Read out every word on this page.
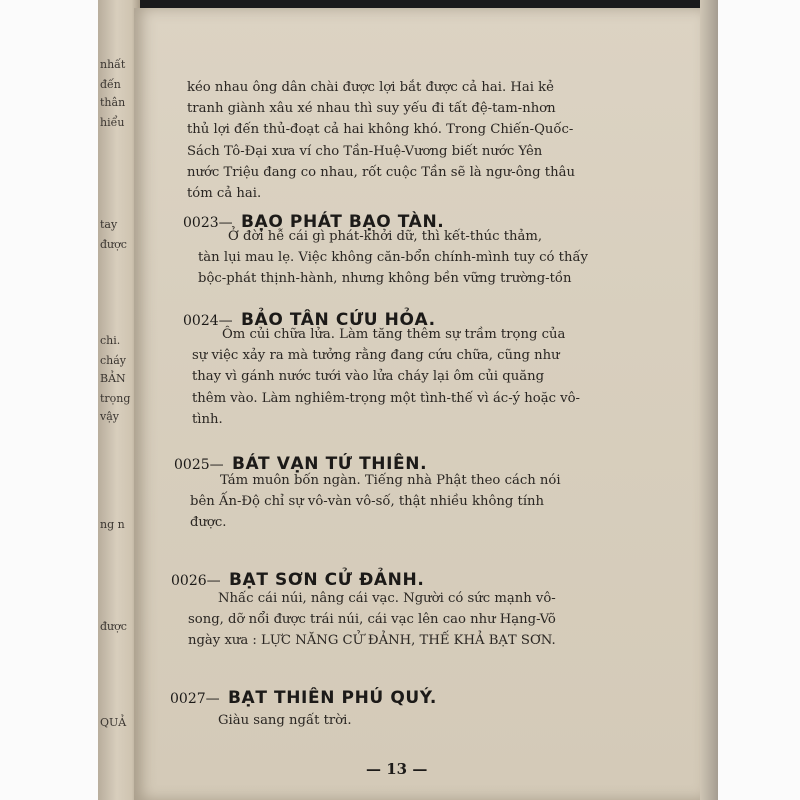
nhất
đến
thân
hiểu
tay
được
chi.
cháy
BẢN
trọng
vậy
ng n
được
QUẢ

kéo nhau ông dân chài được lợi bắt được cả hai. Hai kẻ
tranh giành xâu xé nhau thì suy yếu đi tất đệ-tam-nhơn
thủ lợi đến thủ-đoạt cả hai không khó. Trong Chiến-Quốc-
Sách Tô-Đại xưa ví cho Tần-Huệ-Vương biết nước Yên
nước Triệu đang co nhau, rốt cuộc Tần sẽ là ngư-ông thâu
tóm cả hai.

0023— BẠO PHÁT BẠO TÀN.

Ở đời hễ cái gì phát-khởi dữ, thì kết-thúc thảm,
tàn lụi mau lẹ. Việc không căn-bổn chính-mình tuy có thấy
bộc-phát thịnh-hành, nhưng không bền vững trường-tồn

0024— BẢO TÂN CỨU HỎA.

Ôm củi chữa lửa. Làm tăng thêm sự trầm trọng của
sự việc xảy ra mà tưởng rằng đang cứu chữa, cũng như
thay vì gánh nước tưới vào lửa cháy lại ôm củi quăng
thêm vào. Làm nghiêm-trọng một tình-thế vì ác-ý hoặc vô-
tình.

0025— BÁT VẠN TỨ THIÊN.

Tám muôn bốn ngàn. Tiếng nhà Phật theo cách nói
bên Ấn-Độ chỉ sự vô-vàn vô-số, thật nhiều không tính
được.

0026— BẠT SƠN CỬ ĐẢNH.

Nhấc cái núi, nâng cái vạc. Người có sức mạnh vô-
song, dỡ nổi được trái núi, cái vạc lên cao như Hạng-Võ
ngày xưa : LỰC NĂNG CỬ ĐẢNH, THẾ KHẢ BẠT SƠN.

0027— BẠT THIÊN PHÚ QUÝ.

Giàu sang ngất trời.

— 13 —
